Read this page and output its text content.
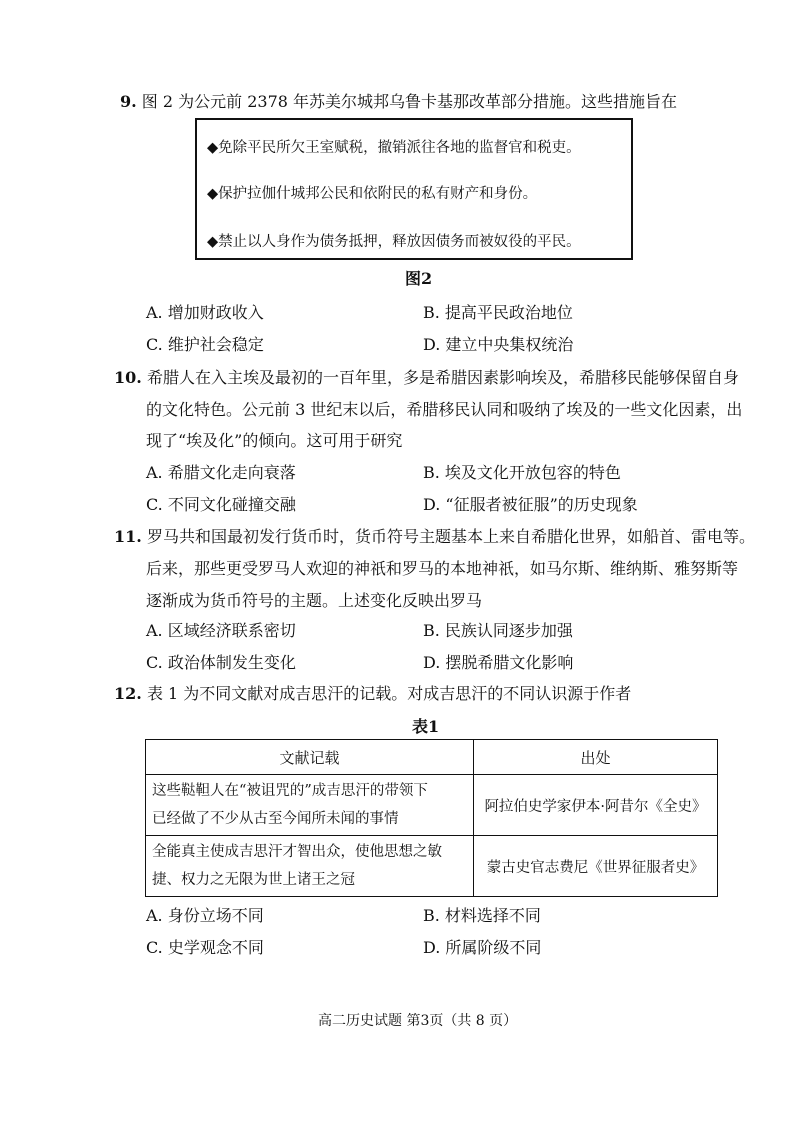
9. 图 2 为公元前 2378 年苏美尔城邦乌鲁卡基那改革部分措施。这些措施旨在
◆免除平民所欠王室赋税，撤销派往各地的监督官和税吏。
◆保护拉伽什城邦公民和依附民的私有财产和身份。
◆禁止以人身作为债务抵押，释放因债务而被奴役的平民。
图2
A. 增加财政收入	B. 提高平民政治地位
C. 维护社会稳定	D. 建立中央集权统治
10. 希腊人在入主埃及最初的一百年里，多是希腊因素影响埃及，希腊移民能够保留自身
的文化特色。公元前 3 世纪末以后，希腊移民认同和吸纳了埃及的一些文化因素，出
现了“埃及化”的倾向。这可用于研究
A. 希腊文化走向衰落	B. 埃及文化开放包容的特色
C. 不同文化碰撞交融	D. “征服者被征服”的历史现象
11. 罗马共和国最初发行货币时，货币符号主题基本上来自希腊化世界，如船首、雷电等。
后来，那些更受罗马人欢迎的神祇和罗马的本地神祇，如马尔斯、维纳斯、雅努斯等
逐渐成为货币符号的主题。上述变化反映出罗马
A. 区域经济联系密切	B. 民族认同逐步加强
C. 政治体制发生变化	D. 摆脱希腊文化影响
12. 表 1 为不同文献对成吉思汗的记载。对成吉思汗的不同认识源于作者
表1
文献记载	出处

这些鞑靼人在“被诅咒的”成吉思汗的带领下
已经做了不少从古至今闻所未闻的事情	阿拉伯史学家伊本·阿昔尔《全史》

全能真主使成吉思汗才智出众，使他思想之敏
捷、权力之无限为世上诸王之冠	蒙古史官志费尼《世界征服者史》
A. 身份立场不同	B. 材料选择不同
C. 史学观念不同	D. 所属阶级不同
高二历史试题 第3页（共 8 页）
